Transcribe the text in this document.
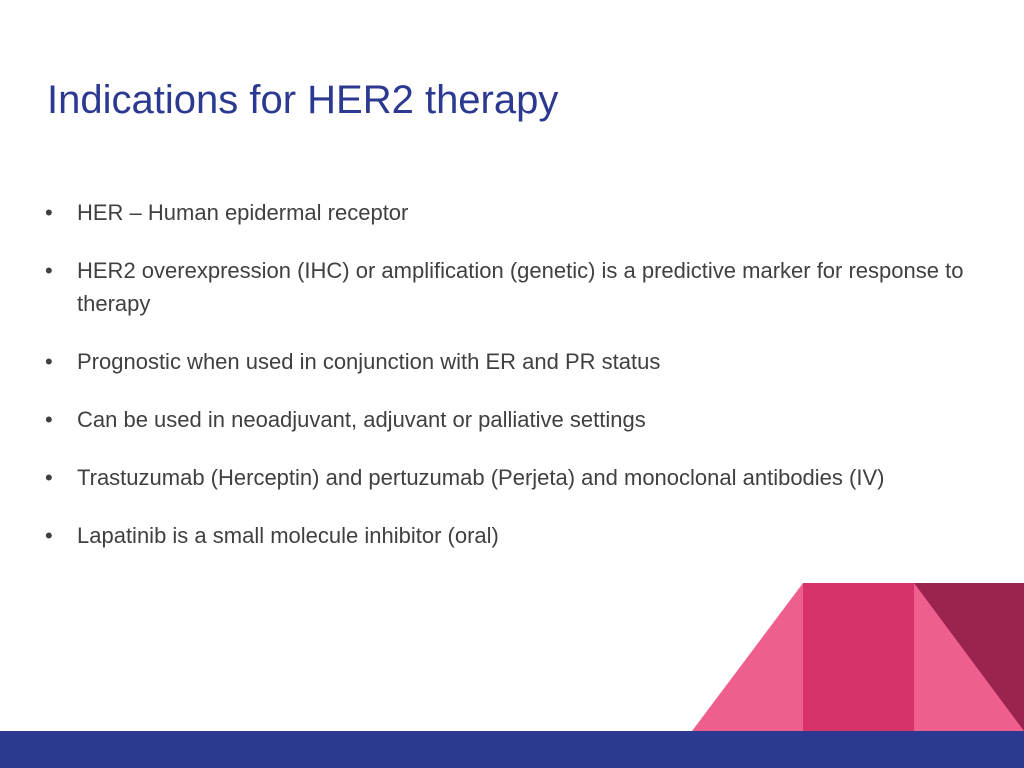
Indications for HER2 therapy
• HER – Human epidermal receptor
• HER2 overexpression (IHC) or amplification (genetic) is a predictive marker for response to therapy
• Prognostic when used in conjunction with ER and PR status
• Can be used in neoadjuvant, adjuvant or palliative settings
• Trastuzumab (Herceptin) and pertuzumab (Perjeta) and monoclonal antibodies (IV)
• Lapatinib is a small molecule inhibitor (oral)
